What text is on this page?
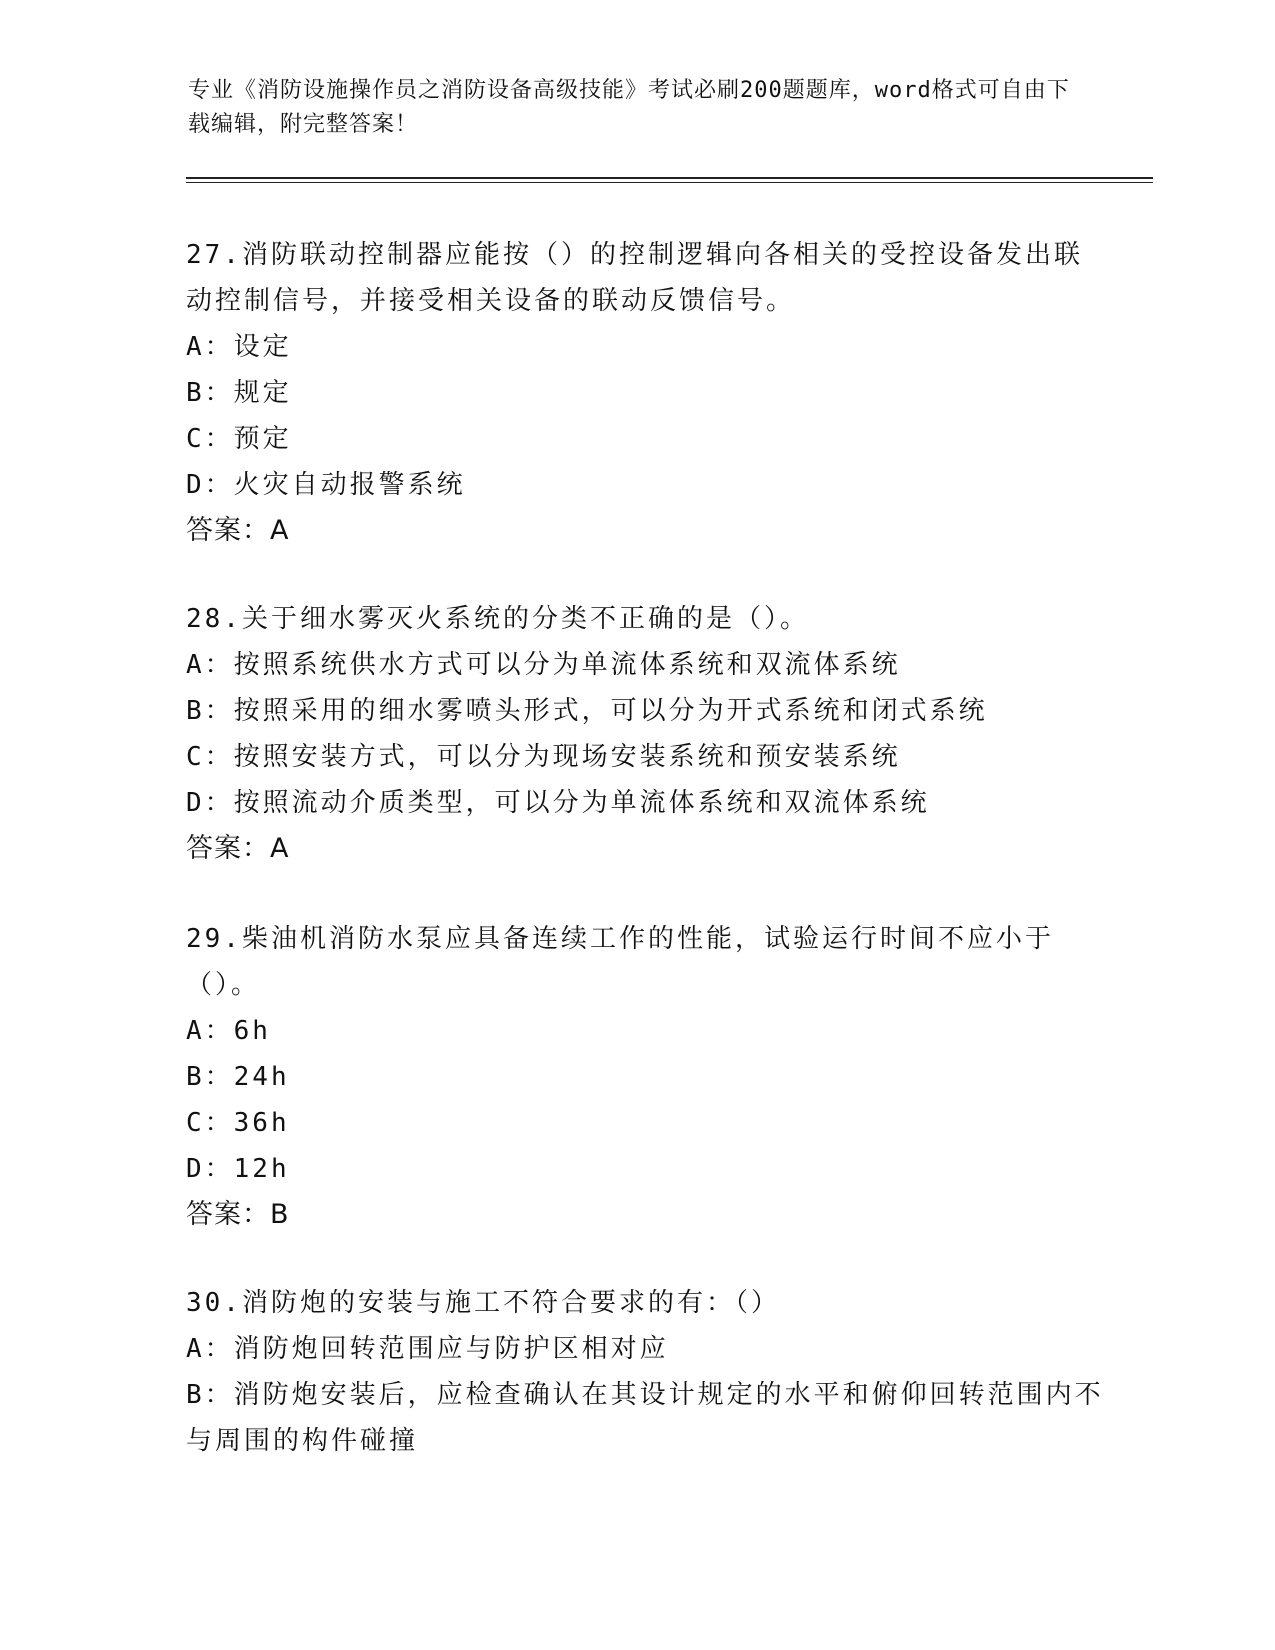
专业《消防设施操作员之消防设备高级技能》考试必刷200题题库，word格式可自由下载编辑，附完整答案！

27.消防联动控制器应能按（）的控制逻辑向各相关的受控设备发出联动控制信号，并接受相关设备的联动反馈信号。

A：设定

B：规定

C：预定

D：火灾自动报警系统

答案：A

28.关于细水雾灭火系统的分类不正确的是（）。

A：按照系统供水方式可以分为单流体系统和双流体系统

B：按照采用的细水雾喷头形式，可以分为开式系统和闭式系统

C：按照安装方式，可以分为现场安装系统和预安装系统

D：按照流动介质类型，可以分为单流体系统和双流体系统

答案：A

29.柴油机消防水泵应具备连续工作的性能，试验运行时间不应小于（）。

A：6h

B：24h

C：36h

D：12h

答案：B

30.消防炮的安装与施工不符合要求的有：（）

A：消防炮回转范围应与防护区相对应

B：消防炮安装后，应检查确认在其设计规定的水平和俯仰回转范围内不与周围的构件碰撞
